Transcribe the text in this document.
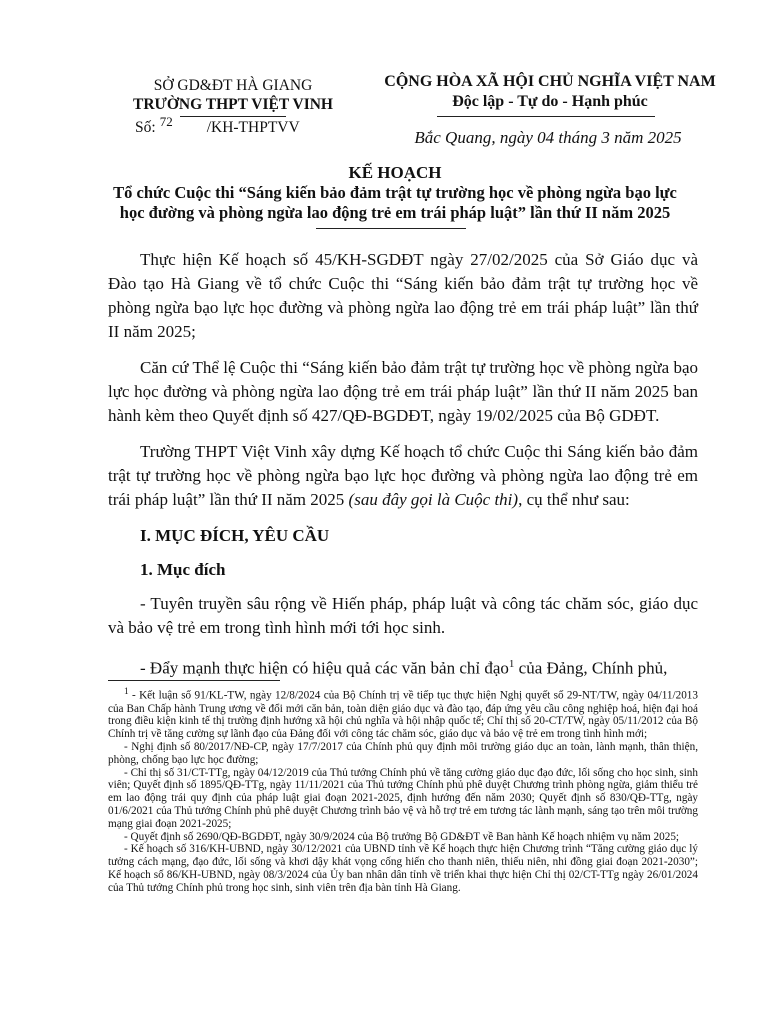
SỞ GD&ĐT HÀ GIANG
TRƯỜNG THPT VIỆT VINH
Số: $^{72}$ /KH-THPTVV
CỘNG HÒA XÃ HỘI CHỦ NGHĨA VIỆT NAM
Độc lập - Tự do - Hạnh phúc
Bắc Quang, ngày 04 tháng 3 năm 2025
KẾ HOẠCH
Tổ chức Cuộc thi “Sáng kiến bảo đảm trật tự trường học về phòng ngừa bạo lực
học đường và phòng ngừa lao động trẻ em trái pháp luật” lần thứ II năm 2025

Thực hiện Kế hoạch số 45/KH-SGDĐT ngày 27/02/2025 của Sở Giáo dục và Đào tạo Hà Giang về tổ chức Cuộc thi “Sáng kiến bảo đảm trật tự trường học về phòng ngừa bạo lực học đường và phòng ngừa lao động trẻ em trái pháp luật” lần thứ II năm 2025;

Căn cứ Thể lệ Cuộc thi “Sáng kiến bảo đảm trật tự trường học về phòng ngừa bạo lực học đường và phòng ngừa lao động trẻ em trái pháp luật” lần thứ II năm 2025 ban hành kèm theo Quyết định số 427/QĐ-BGDĐT, ngày 19/02/2025 của Bộ GDĐT.

Trường THPT Việt Vinh xây dựng Kế hoạch tổ chức Cuộc thi Sáng kiến bảo đảm trật tự trường học về phòng ngừa bạo lực học đường và phòng ngừa lao động trẻ em trái pháp luật” lần thứ II năm 2025 (sau đây gọi là Cuộc thi), cụ thể như sau:

I. MỤC ĐÍCH, YÊU CẦU

1. Mục đích

- Tuyên truyền sâu rộng về Hiến pháp, pháp luật và công tác chăm sóc, giáo dục và bảo vệ trẻ em trong tình hình mới tới học sinh.

- Đẩy mạnh thực hiện có hiệu quả các văn bản chỉ đạo$^1$ của Đảng, Chính phủ,

$^1$ - Kết luận số 91/KL-TW, ngày 12/8/2024 của Bộ Chính trị về tiếp tục thực hiện Nghị quyết số 29-NT/TW, ngày 04/11/2013 của Ban Chấp hành Trung ương về đổi mới căn bản, toàn diện giáo dục và đào tạo, đáp ứng yêu cầu công nghiệp hoá, hiện đại hoá trong điều kiện kinh tế thị trường định hướng xã hội chủ nghĩa và hội nhập quốc tế; Chỉ thị số 20-CT/TW, ngày 05/11/2012 của Bộ Chính trị về tăng cường sự lãnh đạo của Đảng đối với công tác chăm sóc, giáo dục và bảo vệ trẻ em trong tình hình mới;
- Nghị định số 80/2017/NĐ-CP, ngày 17/7/2017 của Chính phủ quy định môi trường giáo dục an toàn, lành mạnh, thân thiện, phòng, chống bạo lực học đường;
- Chỉ thị số 31/CT-TTg, ngày 04/12/2019 của Thủ tướng Chính phủ về tăng cường giáo dục đạo đức, lối sống cho học sinh, sinh viên; Quyết định số 1895/QĐ-TTg, ngày 11/11/2021 của Thủ tướng Chính phủ phê duyệt Chương trình phòng ngừa, giảm thiểu trẻ em lao động trái quy định của pháp luật giai đoạn 2021-2025, định hướng đến năm 2030; Quyết định số 830/QĐ-TTg, ngày 01/6/2021 của Thủ tướng Chính phủ phê duyệt Chương trình bảo vệ và hỗ trợ trẻ em tương tác lành mạnh, sáng tạo trên môi trường mạng giai đoạn 2021-2025;
- Quyết định số 2690/QĐ-BGDĐT, ngày 30/9/2024 của Bộ trưởng Bộ GD&ĐT về Ban hành Kế hoạch nhiệm vụ năm 2025;
- Kế hoạch số 316/KH-UBND, ngày 30/12/2021 của UBND tỉnh về Kế hoạch thực hiện Chương trình “Tăng cường giáo dục lý tưởng cách mạng, đạo đức, lối sống và khơi dậy khát vọng cống hiến cho thanh niên, thiếu niên, nhi đồng giai đoạn 2021-2030”; Kế hoạch số 86/KH-UBND, ngày 08/3/2024 của Ủy ban nhân dân tỉnh về triển khai thực hiện Chỉ thị 02/CT-TTg ngày 26/01/2024 của Thủ tướng Chính phủ trong học sinh, sinh viên trên địa bàn tỉnh Hà Giang.
